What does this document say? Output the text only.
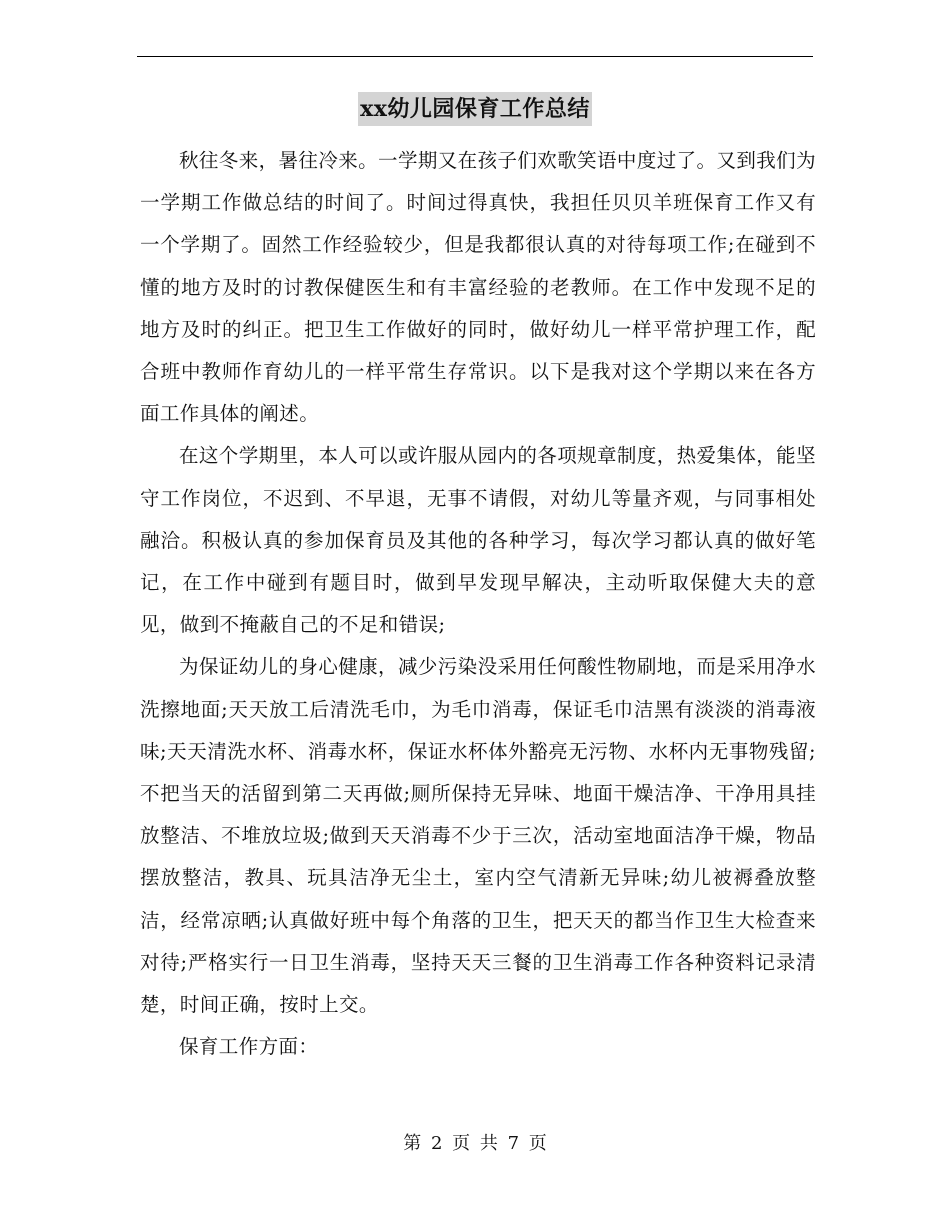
xx幼儿园保育工作总结

秋往冬来，暑往冷来。一学期又在孩子们欢歌笑语中度过了。又到我们为一学期工作做总结的时间了。时间过得真快，我担任贝贝羊班保育工作又有一个学期了。固然工作经验较少，但是我都很认真的对待每项工作;在碰到不懂的地方及时的讨教保健医生和有丰富经验的老教师。在工作中发现不足的地方及时的纠正。把卫生工作做好的同时，做好幼儿一样平常护理工作，配合班中教师作育幼儿的一样平常生存常识。以下是我对这个学期以来在各方面工作具体的阐述。

在这个学期里，本人可以或许服从园内的各项规章制度，热爱集体，能坚守工作岗位，不迟到、不早退，无事不请假，对幼儿等量齐观，与同事相处融洽。积极认真的参加保育员及其他的各种学习，每次学习都认真的做好笔记，在工作中碰到有题目时，做到早发现早解决，主动听取保健大夫的意见，做到不掩蔽自己的不足和错误;

为保证幼儿的身心健康，减少污染没采用任何酸性物刷地，而是采用净水洗擦地面;天天放工后清洗毛巾，为毛巾消毒，保证毛巾洁黑有淡淡的消毒液味;天天清洗水杯、消毒水杯，保证水杯体外豁亮无污物、水杯内无事物残留;不把当天的活留到第二天再做;厕所保持无异味、地面干燥洁净、干净用具挂放整洁、不堆放垃圾;做到天天消毒不少于三次，活动室地面洁净干燥，物品摆放整洁，教具、玩具洁净无尘土，室内空气清新无异味;幼儿被褥叠放整洁，经常凉晒;认真做好班中每个角落的卫生，把天天的都当作卫生大检查来对待;严格实行一日卫生消毒，坚持天天三餐的卫生消毒工作各种资料记录清楚，时间正确，按时上交。

保育工作方面：

第 2 页 共 7 页
